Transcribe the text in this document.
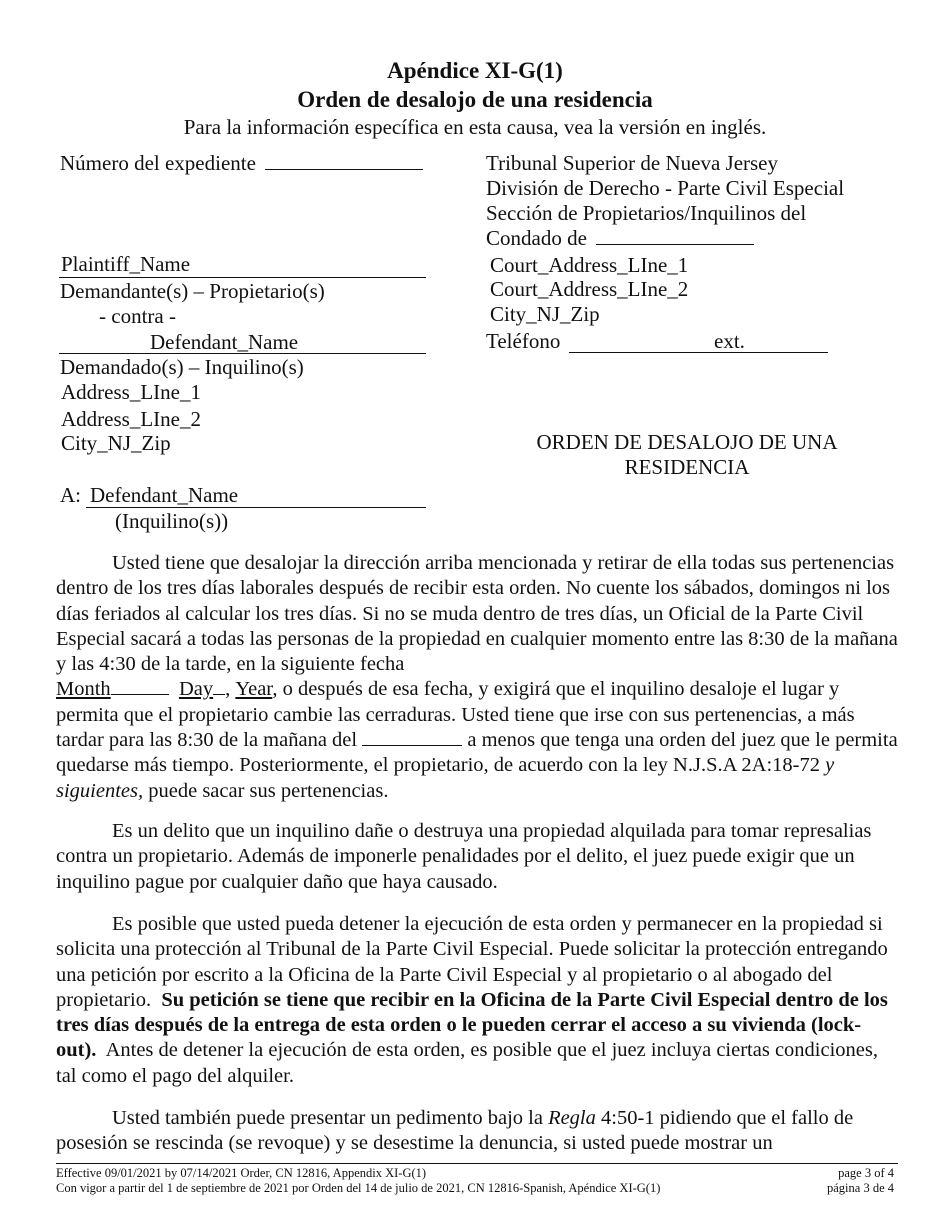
Apéndice XI-G(1)
Orden de desalojo de una residencia
Para la información específica en esta causa, vea la versión en inglés.
Número del expediente
Plaintiff_Name
Demandante(s) – Propietario(s)
- contra -
Defendant_Name
Demandado(s) – Inquilino(s)
Address_LIne_1
Address_LIne_2
City_NJ_Zip
A: Defendant_Name
(Inquilino(s))
Tribunal Superior de Nueva Jersey
División de Derecho - Parte Civil Especial
Sección de Propietarios/Inquilinos del
Condado de
Court_Address_LIne_1
Court_Address_LIne_2
City_NJ_Zip
Teléfono	ext.
ORDEN DE DESALOJO DE UNA
RESIDENCIA
Usted tiene que desalojar la dirección arriba mencionada y retirar de ella todas sus pertenencias dentro de los tres días laborales después de recibir esta orden. No cuente los sábados, domingos ni los días feriados al calcular los tres días. Si no se muda dentro de tres días, un Oficial de la Parte Civil Especial sacará a todas las personas de la propiedad en cualquier momento entre las 8:30 de la mañana y las 4:30 de la tarde, en la siguiente fecha
Month	Day , Year, o después de esa fecha, y exigirá que el inquilino desaloje el lugar y permita que el propietario cambie las cerraduras. Usted tiene que irse con sus pertenencias, a más tardar para las 8:30 de la mañana del	a menos que tenga una orden del juez que le permita quedarse más tiempo. Posteriormente, el propietario, de acuerdo con la ley N.J.S.A 2A:18-72 y siguientes, puede sacar sus pertenencias.
Es un delito que un inquilino dañe o destruya una propiedad alquilada para tomar represalias contra un propietario. Además de imponerle penalidades por el delito, el juez puede exigir que un inquilino pague por cualquier daño que haya causado.
Es posible que usted pueda detener la ejecución de esta orden y permanecer en la propiedad si solicita una protección al Tribunal de la Parte Civil Especial. Puede solicitar la protección entregando una petición por escrito a la Oficina de la Parte Civil Especial y al propietario o al abogado del propietario. Su petición se tiene que recibir en la Oficina de la Parte Civil Especial dentro de los tres días después de la entrega de esta orden o le pueden cerrar el acceso a su vivienda (lock-out). Antes de detener la ejecución de esta orden, es posible que el juez incluya ciertas condiciones, tal como el pago del alquiler.
Usted también puede presentar un pedimento bajo la Regla 4:50-1 pidiendo que el fallo de posesión se rescinda (se revoque) y se desestime la denuncia, si usted puede mostrar un
Effective 09/01/2021 by 07/14/2021 Order, CN 12816, Appendix XI-G(1)
Con vigor a partir del 1 de septiembre de 2021 por Orden del 14 de julio de 2021, CN 12816-Spanish, Apéndice XI-G(1)
page 3 of 4
página 3 de 4
